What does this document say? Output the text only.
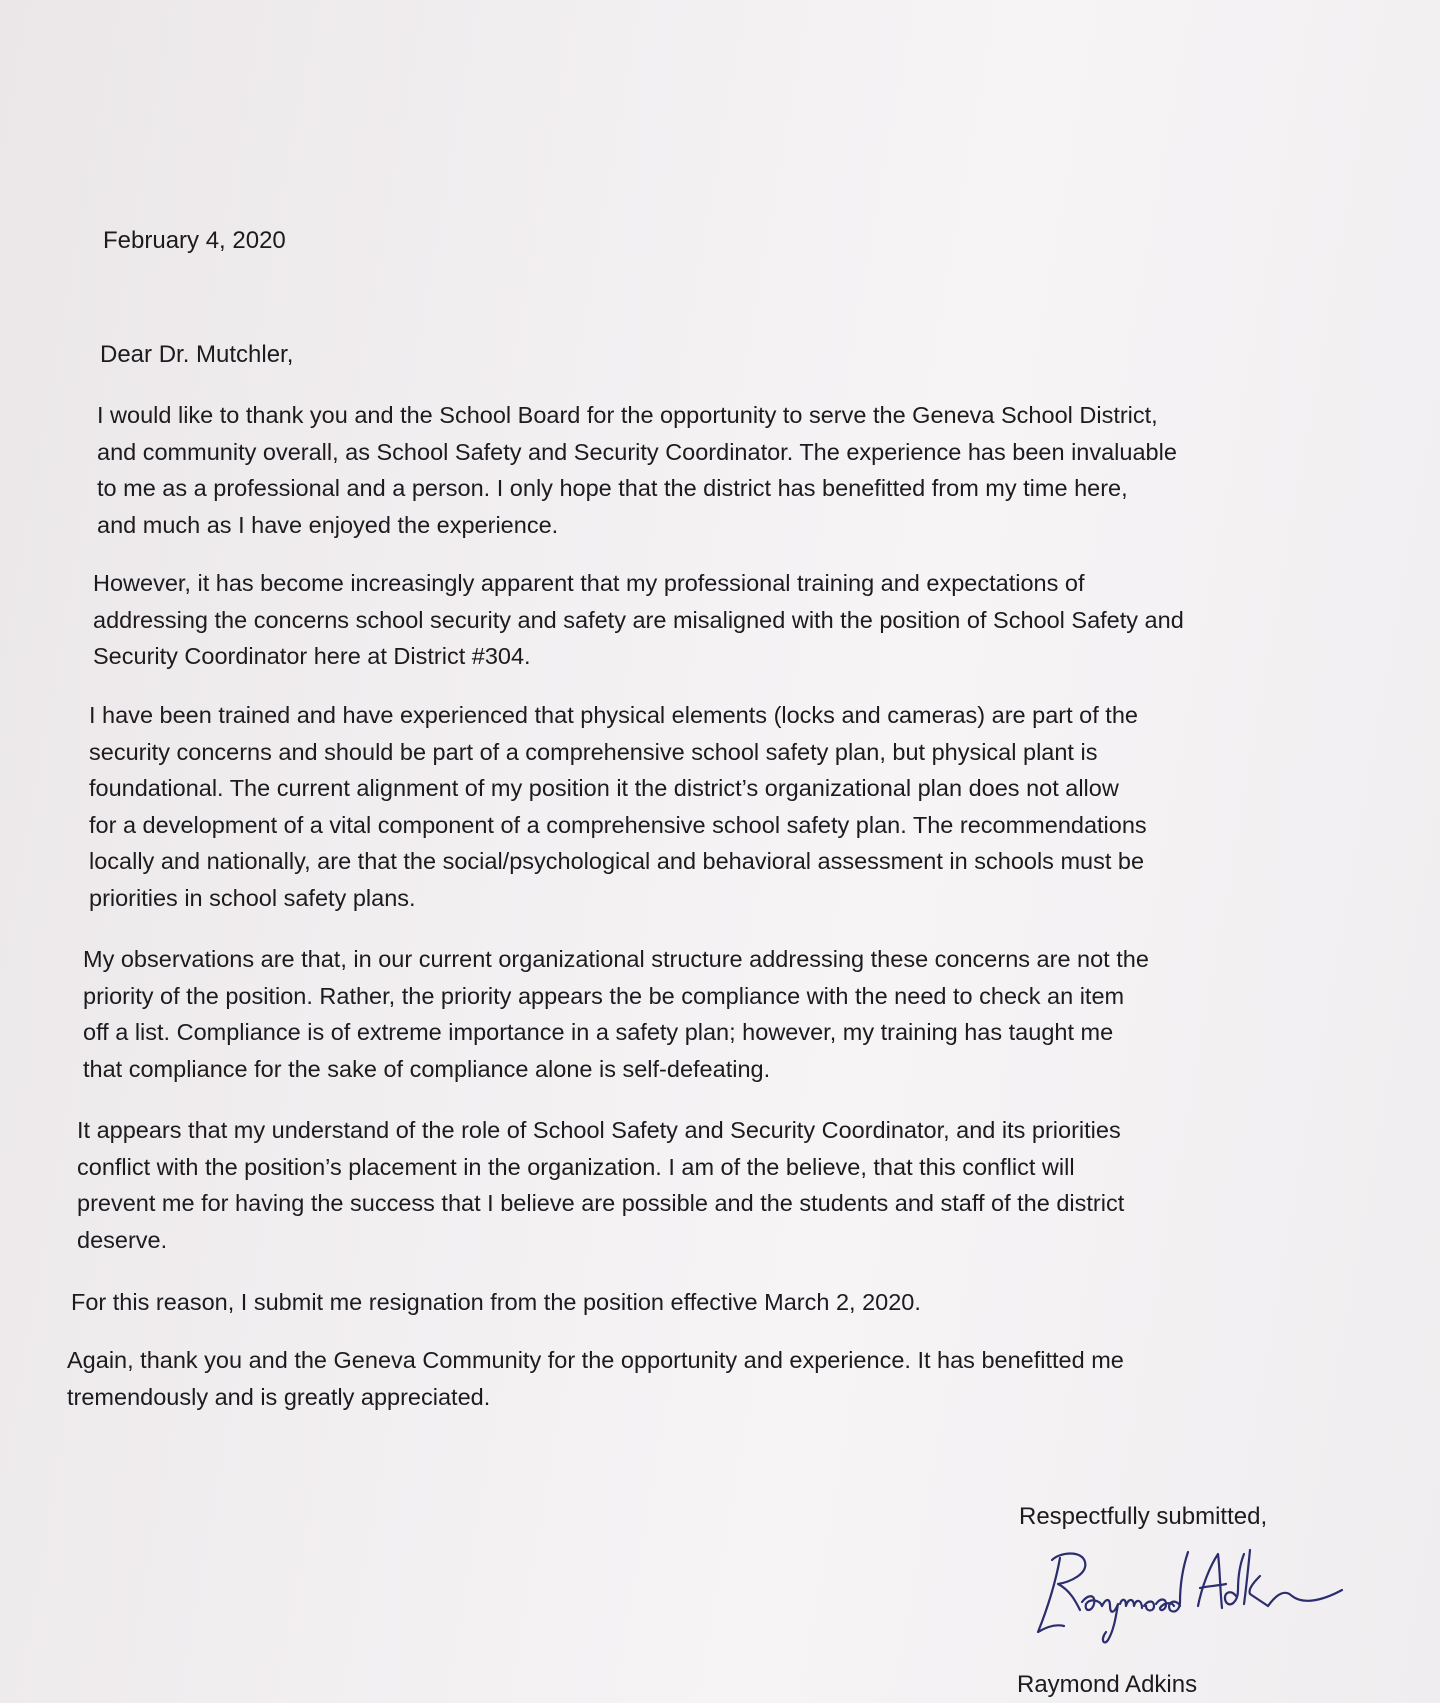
February 4, 2020
Dear Dr. Mutchler,

I would like to thank you and the School Board for the opportunity to serve the Geneva School District,
and community overall, as School Safety and Security Coordinator. The experience has been invaluable
to me as a professional and a person. I only hope that the district has benefitted from my time here,
and much as I have enjoyed the experience.

However, it has become increasingly apparent that my professional training and expectations of
addressing the concerns school security and safety are misaligned with the position of School Safety and
Security Coordinator here at District #304.

I have been trained and have experienced that physical elements (locks and cameras) are part of the
security concerns and should be part of a comprehensive school safety plan, but physical plant is
foundational. The current alignment of my position it the district’s organizational plan does not allow
for a development of a vital component of a comprehensive school safety plan. The recommendations
locally and nationally, are that the social/psychological and behavioral assessment in schools must be
priorities in school safety plans.

My observations are that, in our current organizational structure addressing these concerns are not the
priority of the position. Rather, the priority appears the be compliance with the need to check an item
off a list. Compliance is of extreme importance in a safety plan; however, my training has taught me
that compliance for the sake of compliance alone is self-defeating.

It appears that my understand of the role of School Safety and Security Coordinator, and its priorities
conflict with the position’s placement in the organization. I am of the believe, that this conflict will
prevent me for having the success that I believe are possible and the students and staff of the district
deserve.

For this reason, I submit me resignation from the position effective March 2, 2020.

Again, thank you and the Geneva Community for the opportunity and experience. It has benefitted me
tremendously and is greatly appreciated.

Respectfully submitted,
Raymond Adkins
